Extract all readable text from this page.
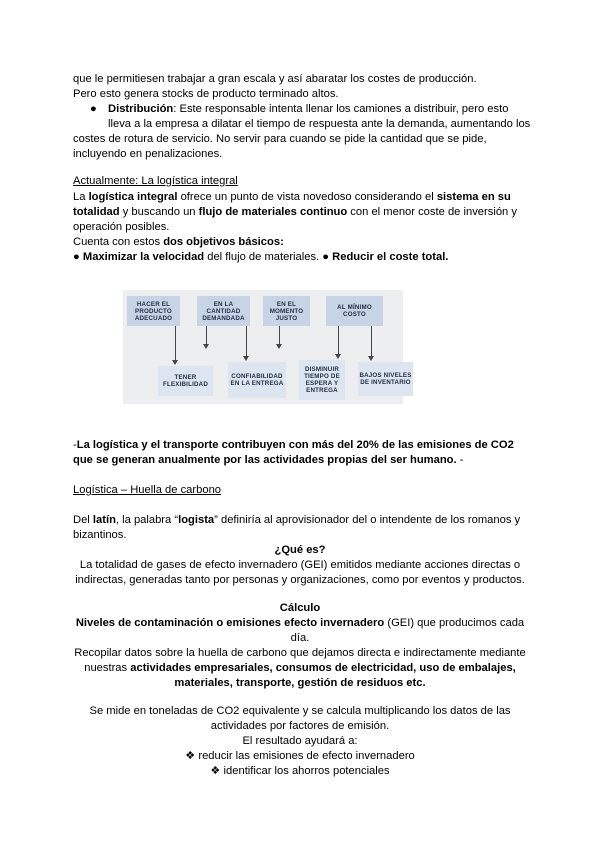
que le permitiesen trabajar a gran escala y así abaratar los costes de producción.
Pero esto genera stocks de producto terminado altos.
● Distribución: Este responsable intenta llenar los camiones a distribuir, pero esto
lleva a la empresa a dilatar el tiempo de respuesta ante la demanda, aumentando los
costes de rotura de servicio. No servir para cuando se pide la cantidad que se pide,
incluyendo en penalizaciones.
Actualmente: La logística integral
La logística integral ofrece un punto de vista novedoso considerando el sistema en su
totalidad y buscando un flujo de materiales continuo con el menor coste de inversión y
operación posibles.
Cuenta con estos dos objetivos básicos:
● Maximizar la velocidad del flujo de materiales. ● Reducir el coste total.
HACER EL PRODUCTO ADECUADO
EN LA CANTIDAD DEMANDADA
EN EL MOMENTO JUSTO
AL MÍNIMO COSTO
TENER FLEXIBILIDAD
CONFIABILIDAD EN LA ENTREGA
DISMINUIR TIEMPO DE ESPERA Y ENTREGA
BAJOS NIVELES DE INVENTARIO
-La logística y el transporte contribuyen con más del 20% de las emisiones de CO2
que se generan anualmente por las actividades propias del ser humano. -
Logística – Huella de carbono
Del latín, la palabra “logista” definiría al aprovisionador del o intendente de los romanos y
bizantinos.
¿Qué es?
La totalidad de gases de efecto invernadero (GEI) emitidos mediante acciones directas o
indirectas, generadas tanto por personas y organizaciones, como por eventos y productos.
Cálculo
Niveles de contaminación o emisiones efecto invernadero (GEI) que producimos cada
día.
Recopilar datos sobre la huella de carbono que dejamos directa e indirectamente mediante
nuestras actividades empresariales, consumos de electricidad, uso de embalajes,
materiales, transporte, gestión de residuos etc.
Se mide en toneladas de CO2 equivalente y se calcula multiplicando los datos de las
actividades por factores de emisión.
El resultado ayudará a:
❖ reducir las emisiones de efecto invernadero
❖ identificar los ahorros potenciales
